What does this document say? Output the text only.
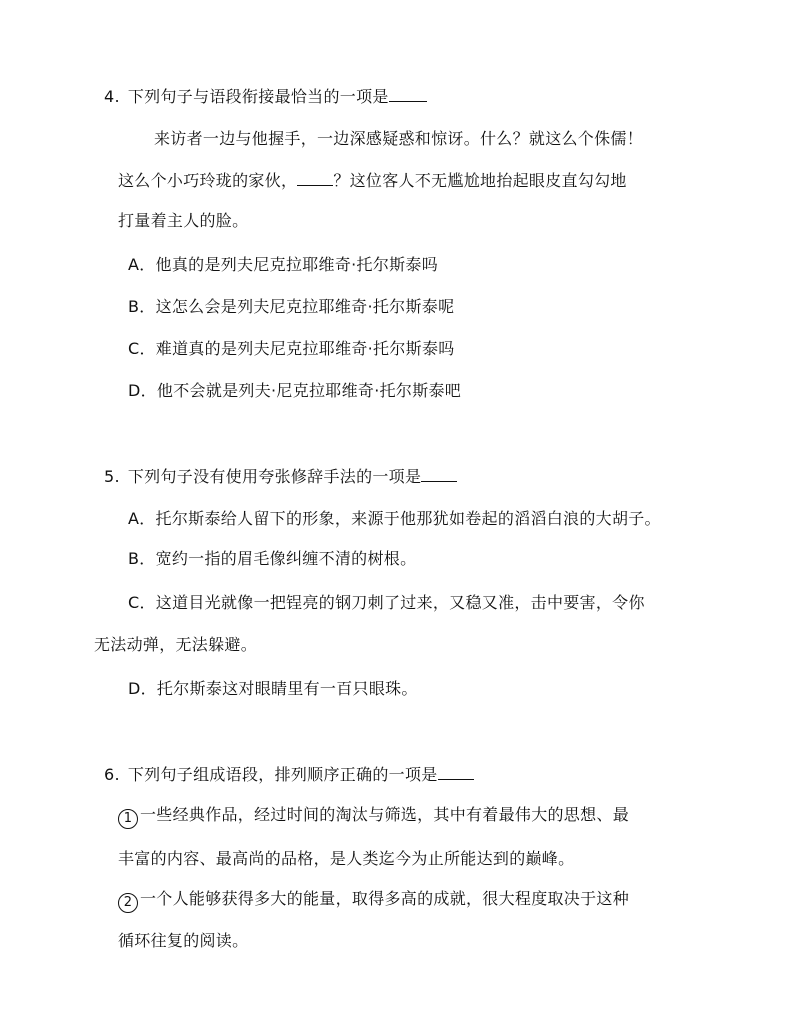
4. 下列句子与语段衔接最恰当的一项是
来访者一边与他握手，一边深感疑惑和惊讶。什么？就这么个侏儒！
这么个小巧玲珑的家伙， ？这位客人不无尴尬地抬起眼皮直勾勾地
打量着主人的脸。
A．他真的是列夫尼克拉耶维奇·托尔斯泰吗
B．这怎么会是列夫尼克拉耶维奇·托尔斯泰呢
C．难道真的是列夫尼克拉耶维奇·托尔斯泰吗
D．他不会就是列夫·尼克拉耶维奇·托尔斯泰吧
5. 下列句子没有使用夸张修辞手法的一项是
A．托尔斯泰给人留下的形象，来源于他那犹如卷起的滔滔白浪的大胡子。
B．宽约一指的眉毛像纠缠不清的树根。
C．这道目光就像一把锃亮的钢刀刺了过来，又稳又准，击中要害，令你
无法动弹，无法躲避。
D．托尔斯泰这对眼睛里有一百只眼珠。
6. 下列句子组成语段，排列顺序正确的一项是
1 一些经典作品，经过时间的淘汰与筛选，其中有着最伟大的思想、最
丰富的内容、最高尚的品格，是人类迄今为止所能达到的巅峰。
2 一个人能够获得多大的能量，取得多高的成就，很大程度取决于这种
循环往复的阅读。
